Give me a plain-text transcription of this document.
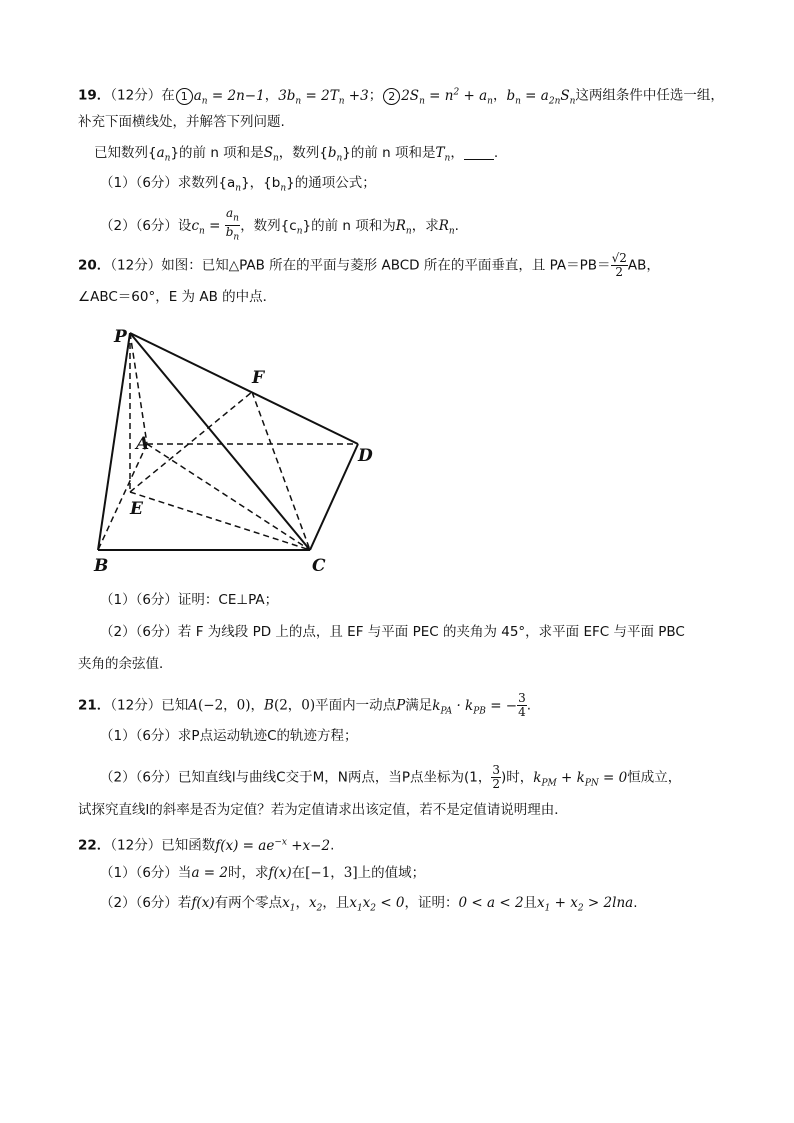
19．（12分）在 1 $a_n = 2n-1$，$3b_n = 2T_n +3$； 2 $2S_n = n^2 + a_n$，$b_n = a_{2n}S_n$这两组条件中任选一组，
补充下面横线处，并解答下列问题.
已知数列$\{a_n\}$的前 n 项和是$S_n$，数列$\{b_n\}$的前 n 项和是$T_n$， .
（1）（6分）求数列$\{a_n\}$，$\{b_n\}$的通项公式；
（2）（6分）设$c_n = \frac{a_n}{b_n}$ ，数列$\{c_n\}$的前 n 项和为$R_n$，求$R_n$.
20．（12分）如图：已知△PAB 所在的平面与菱形 ABCD 所在的平面垂直，且 $PA=PB= \frac{√2}{2}$ AB，
∠ABC＝60°，E 为 AB 的中点．
P
F
A
D
E
B	C
（1）（6分）证明：CE⊥PA；
（2）（6分）若 F 为线段 PD 上的点，且 EF 与平面 PEC 的夹角为 45°，求平面 EFC 与平面 PBC
夹角的余弦值．
21．（12分）已知A(−2，0)，B(2，0)平面内一动点P满足$k_{PA} \cdot k_{PB}$ = − $\frac{3}{4}$ .
（1）（6分）求P点运动轨迹C的轨迹方程；
（2）（6分）已知直线l与曲线C交于M，N两点，当P点坐标为(1， $\frac{3}{2}$ )时，$k_{PM} + k_{PN} = 0$恒成立，
试探究直线l的斜率是否为定值？若为定值请求出该定值，若不是定值请说明理由．
22．（12分）已知函数$f(x) = ae^{-x} +x-2$.
（1）（6分）当a = 2时，求f(x)在[−1，3]上的值域；
（2）（6分）若f(x)有两个零点$x_1$，$x_2$，且$x_1x_2 < 0$，证明：0 < a < 2且$x_1 + x_2 > 2\ln a$.
